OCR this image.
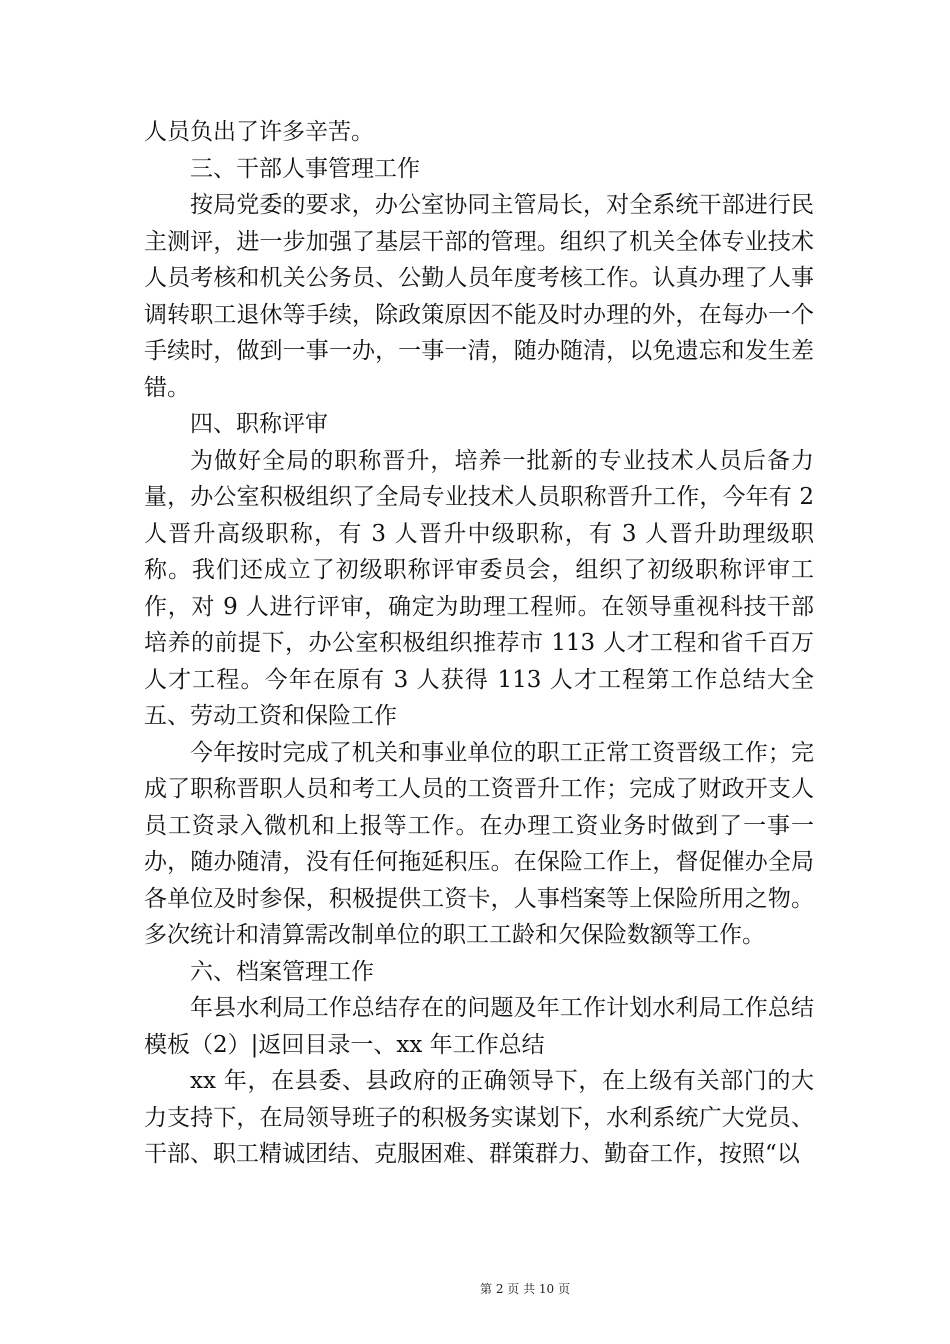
人员负出了许多辛苦。

三、干部人事管理工作

按局党委的要求，办公室协同主管局长，对全系统干部进行民主测评，进一步加强了基层干部的管理。组织了机关全体专业技术人员考核和机关公务员、公勤人员年度考核工作。认真办理了人事调转职工退休等手续，除政策原因不能及时办理的外，在每办一个手续时，做到一事一办，一事一清，随办随清，以免遗忘和发生差错。

四、职称评审

为做好全局的职称晋升，培养一批新的专业技术人员后备力量，办公室积极组织了全局专业技术人员职称晋升工作，今年有 2 人晋升高级职称，有 3 人晋升中级职称，有 3 人晋升助理级职称。我们还成立了初级职称评审委员会，组织了初级职称评审工作，对 9 人进行评审，确定为助理工程师。在领导重视科技干部培养的前提下，办公室积极组织推荐市 113 人才工程和省千百万人才工程。今年在原有 3 人获得 113 人才工程第工作总结大全五、劳动工资和保险工作

今年按时完成了机关和事业单位的职工正常工资晋级工作；完成了职称晋职人员和考工人员的工资晋升工作；完成了财政开支人员工资录入微机和上报等工作。在办理工资业务时做到了一事一办，随办随清，没有任何拖延积压。在保险工作上，督促催办全局各单位及时参保，积极提供工资卡，人事档案等上保险所用之物。多次统计和清算需改制单位的职工工龄和欠保险数额等工作。

六、档案管理工作

年县水利局工作总结存在的问题及年工作计划水利局工作总结模板（2）|返回目录一、xx 年工作总结

xx 年，在县委、县政府的正确领导下，在上级有关部门的大力支持下，在局领导班子的积极务实谋划下，水利系统广大党员、干部、职工精诚团结、克服困难、群策群力、勤奋工作，按照“以

第 2 页 共 10 页
